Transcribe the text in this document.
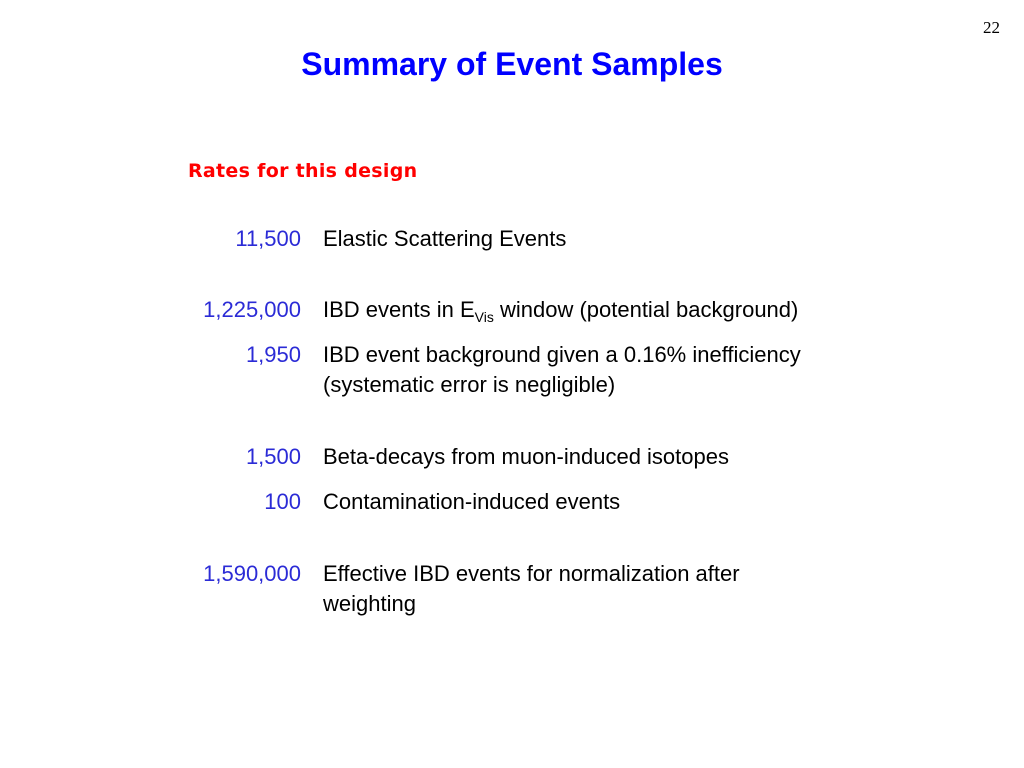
22
Summary of Event Samples
Rates for this design
11,500 Elastic Scattering Events
1,225,000 IBD events in $E_{Vis}$ window (potential background)
1,950 IBD event background given a 0.16% inefficiency
(systematic error is negligible)
1,500 Beta-decays from muon-induced isotopes
100 Contamination-induced events
1,590,000 Effective IBD events for normalization after
weighting
